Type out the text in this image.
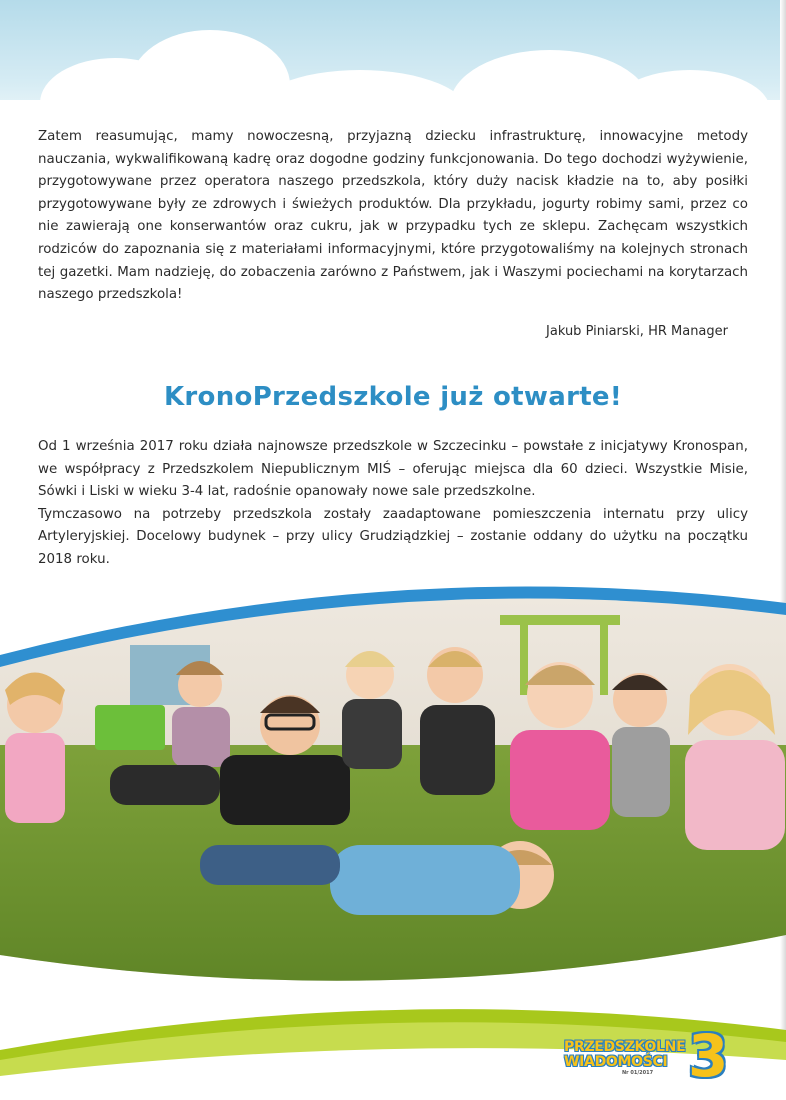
Zatem reasumując, mamy nowoczesną, przyjazną dziecku infrastrukturę, innowacyjne metody nauczania, wykwalifikowaną kadrę oraz dogodne godziny funkcjonowania. Do tego dochodzi wyżywienie, przygotowywane przez operatora naszego przedszkola, który duży nacisk kładzie na to, aby posiłki przygotowywane były ze zdrowych i świeżych produktów. Dla przykładu, jogurty robimy sami, przez co nie zawierają one konserwantów oraz cukru, jak w przypadku tych ze sklepu. Zachęcam wszystkich rodziców do zapoznania się z materiałami informacyjnymi, które przygotowaliśmy na kolejnych stronach tej gazetki. Mam nadzieję, do zobaczenia zarówno z Państwem, jak i Waszymi pociechami na korytarzach naszego przedszkola!
Jakub Piniarski, HR Manager
KronoPrzedszkole już otwarte!

Od 1 września 2017 roku działa najnowsze przedszkole w Szczecinku – powstałe z inicjatywy Kronospan, we współpracy z Przedszkolem Niepublicznym MIŚ – oferując miejsca dla 60 dzieci. Wszystkie Misie, Sówki i Liski w wieku 3-4 lat, radośnie opanowały nowe sale przedszkolne.

Tymczasowo na potrzeby przedszkola zostały zaadaptowane pomieszczenia internatu przy ulicy Artyleryjskiej. Docelowy budynek – przy ulicy Grudziądzkiej – zostanie oddany do użytku na początku 2018 roku.

PRZEDSZKOLNE
WIADOMOŚCI
Nr 01/2017 3
